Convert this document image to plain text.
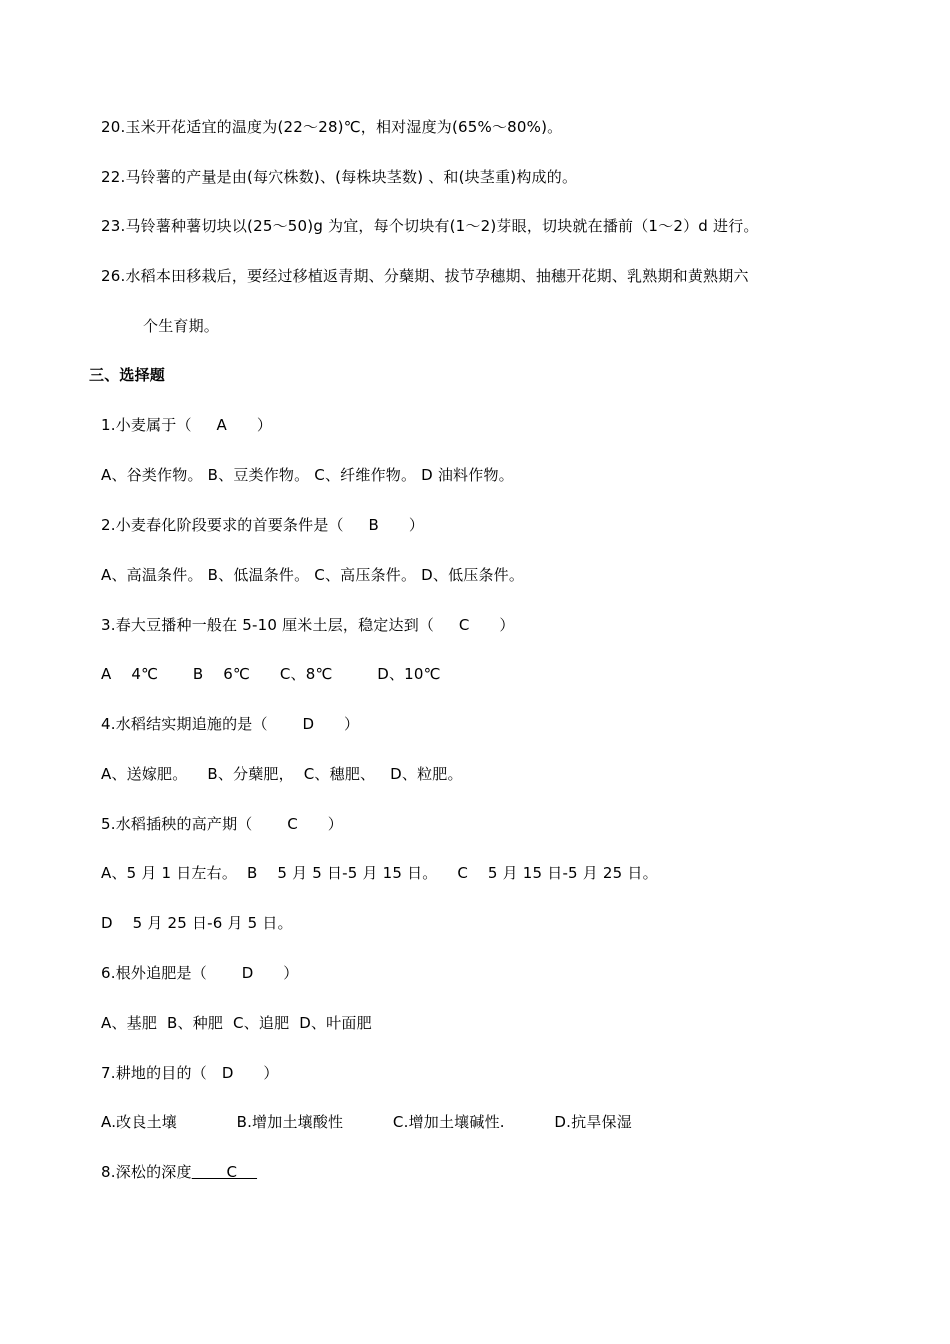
20.玉米开花适宜的温度为(22～28)℃，相对湿度为(65%～80%)。
22.马铃薯的产量是由(每穴株数)、(每株块茎数) 、和(块茎重)构成的。
23.马铃薯种薯切块以(25～50)g 为宜，每个切块有(1～2)芽眼，切块就在播前（1～2）d 进行。
26.水稻本田移栽后，要经过移植返青期、分蘖期、拔节孕穗期、抽穗开花期、乳熟期和黄熟期六
个生育期。
三、选择题
1.小麦属于（     A      ）
A、谷类作物。 B、豆类作物。 C、纤维作物。 D 油料作物。
2.小麦春化阶段要求的首要条件是（     B      ）
A、高温条件。 B、低温条件。 C、高压条件。 D、低压条件。
3.春大豆播种一般在 5-10 厘米土层，稳定达到（     C      ）
A    4℃       B    6℃      C、8℃         D、10℃
4.水稻结实期追施的是（       D      ）
A、送嫁肥。    B、分蘖肥，  C、穗肥、   D、粒肥。
5.水稻插秧的高产期（       C      ）
A、5 月 1 日左右。  B    5 月 5 日-5 月 15 日。    C    5 月 15 日-5 月 25 日。
D    5 月 25 日-6 月 5 日。
6.根外追肥是（       D      ）
A、基肥  B、种肥  C、追肥  D、叶面肥
7.耕地的目的（   D      ）
A.改良土壤            B.增加土壤酸性          C.增加土壤碱性.          D.抗旱保湿
8.深松的深度       C
